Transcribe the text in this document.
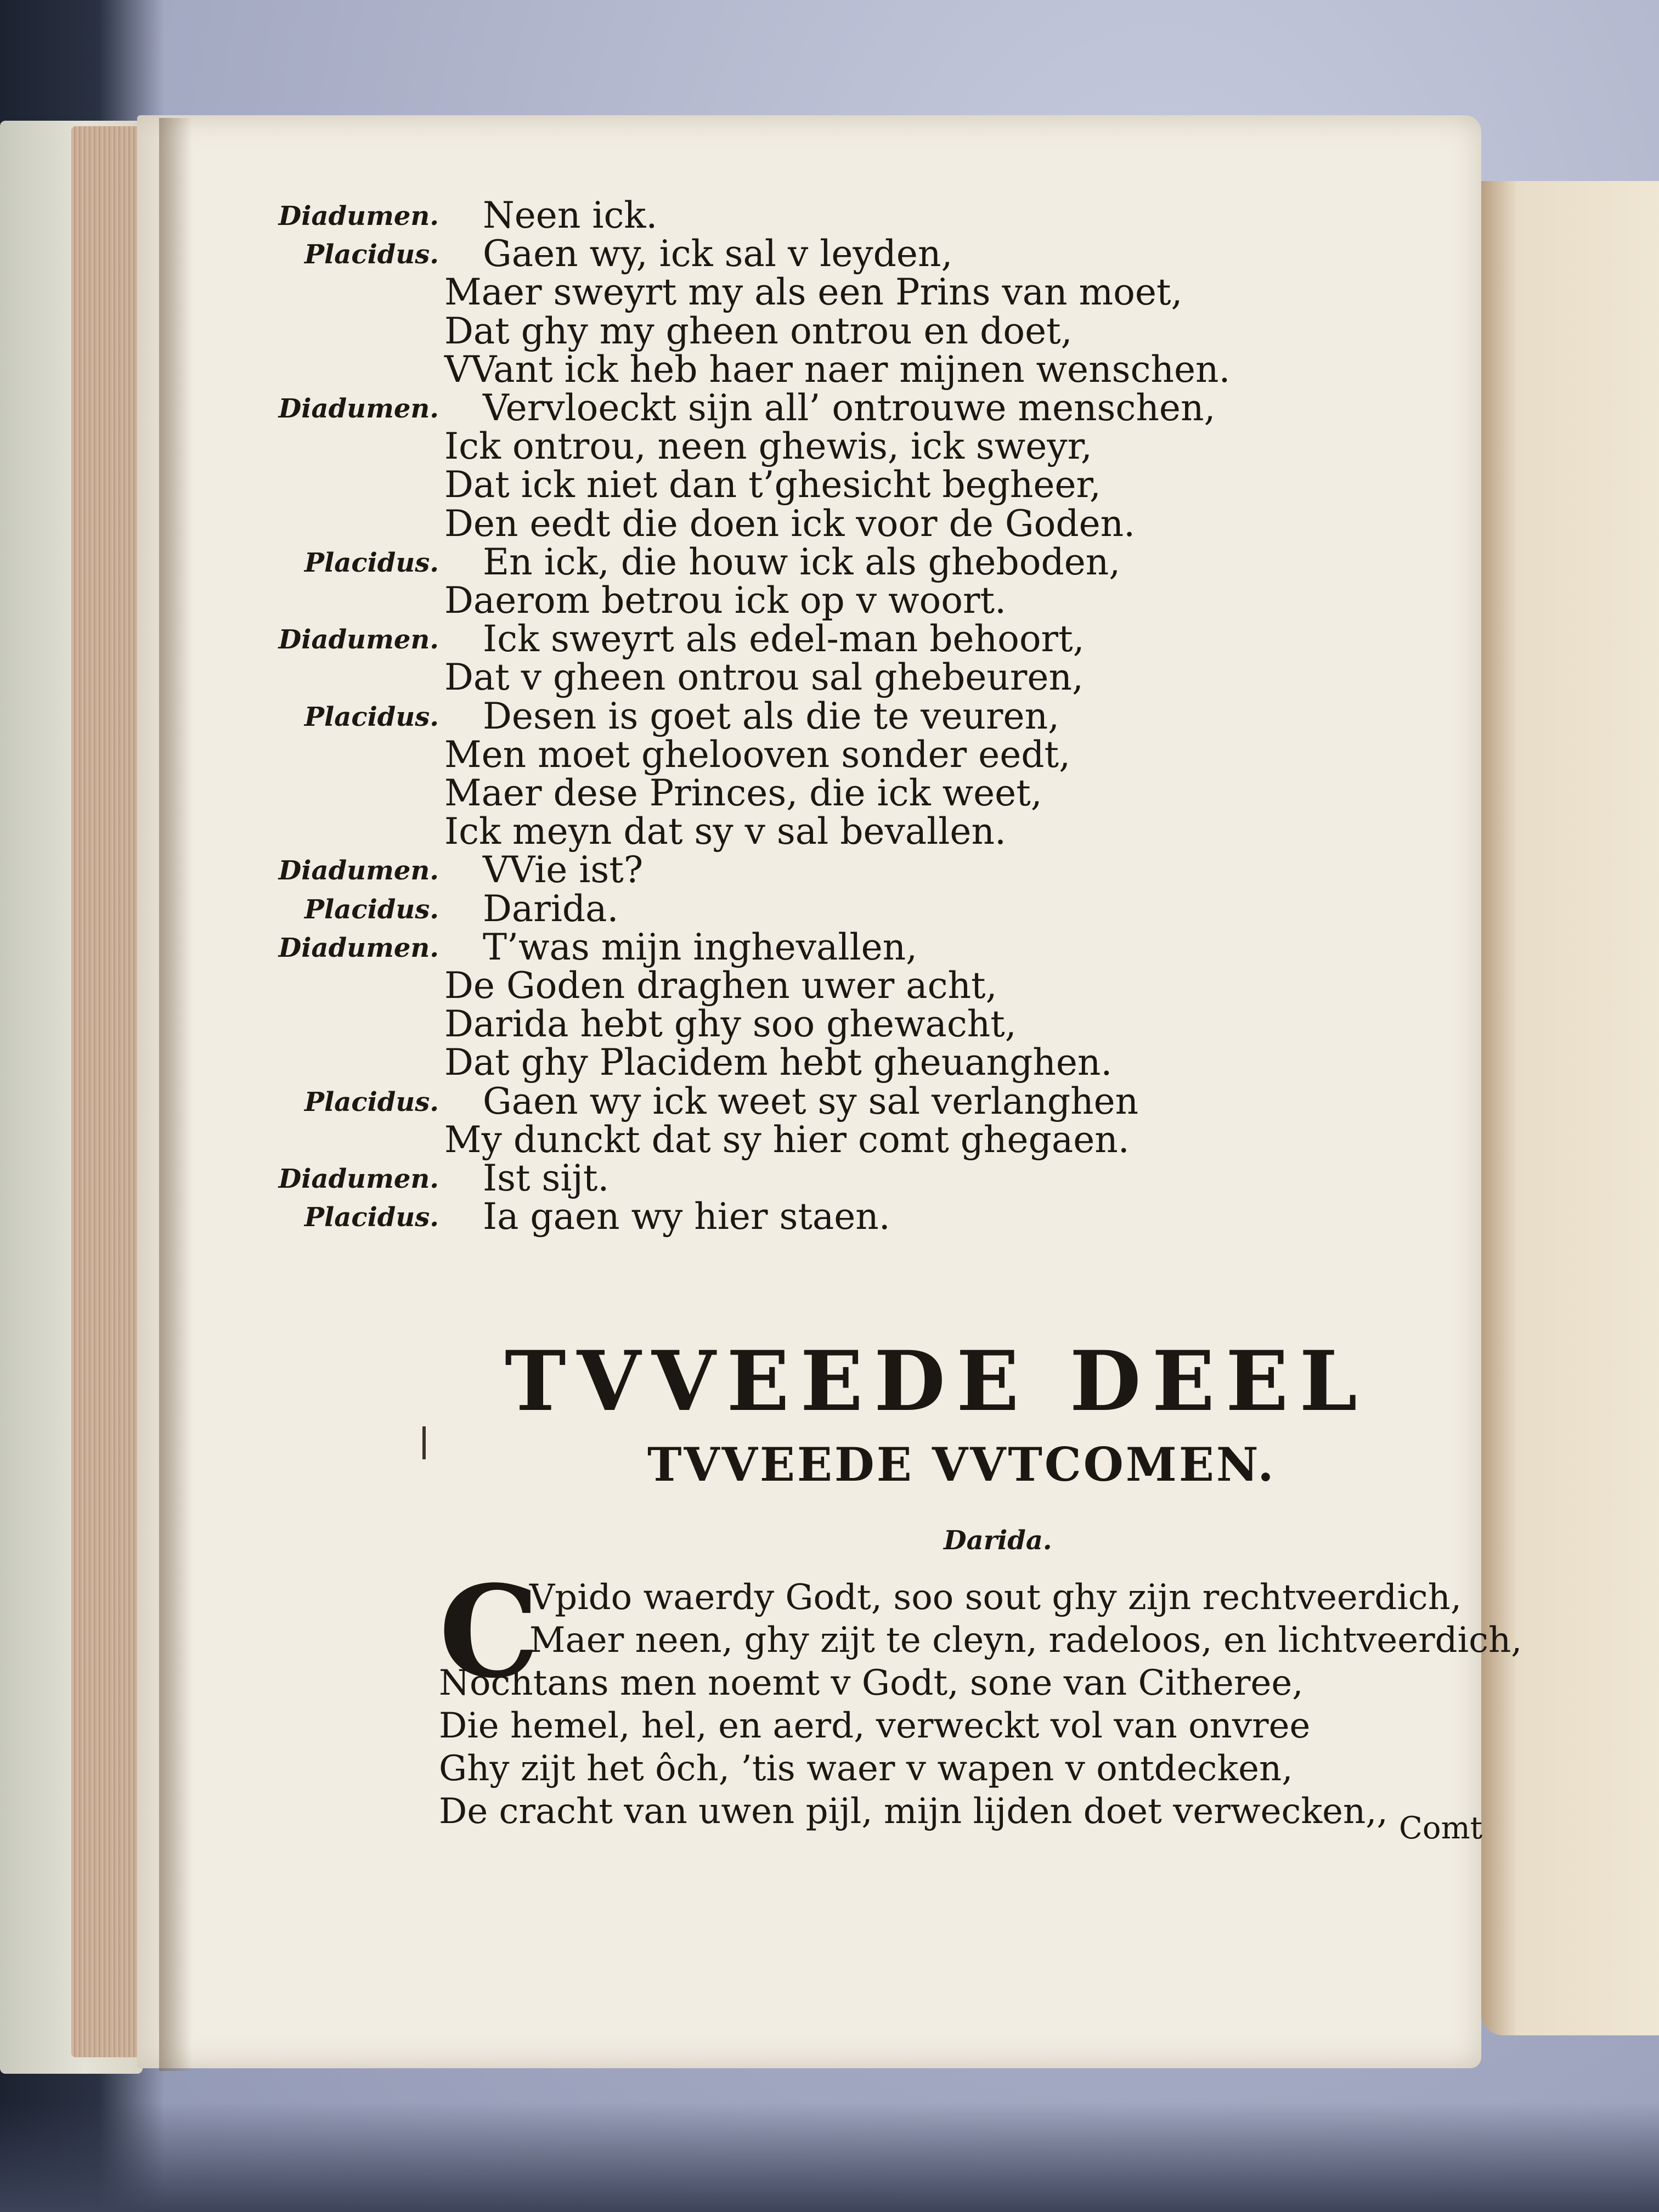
Diadumen. Neen ick.
Placidus. Gaen wy, ick sal v leyden,
Maer sweyrt my als een Prins van moet,
Dat ghy my gheen ontrou en doet,
VVant ick heb haer naer mijnen wenschen.
Diadumen. Vervloeckt sijn all’ ontrouwe menschen,
Ick ontrou, neen ghewis, ick sweyr,
Dat ick niet dan t’ghesicht begheer,
Den eedt die doen ick voor de Goden.
Placidus. En ick, die houw ick als gheboden,
Daerom betrou ick op v woort.
Diadumen. Ick sweyrt als edel-man behoort,
Dat v gheen ontrou sal ghebeuren,
Placidus. Desen is goet als die te veuren,
Men moet ghelooven sonder eedt,
Maer dese Princes, die ick weet,
Ick meyn dat sy v sal bevallen.
Diadumen. VVie ist?
Placidus. Darida.
Diadumen. T’was mijn inghevallen,
De Goden draghen uwer acht,
Darida hebt ghy soo ghewacht,
Dat ghy Placidem hebt gheuanghen.
Placidus. Gaen wy ick weet sy sal verlanghen
My dunckt dat sy hier comt ghegaen.
Diadumen. Ist sijt.
Placidus. Ia gaen wy hier staen.
TVVEEDE DEEL
TVVEEDE VVTCOMEN.
Darida.
C
Vpido waerdy Godt, soo sout ghy zijn rechtveerdich,
Maer neen, ghy zijt te cleyn, radeloos, en lichtveerdich,
Nochtans men noemt v Godt, sone van Citheree,
Die hemel, hel, en aerd, verweckt vol van onvree
Ghy zijt het ôch, ’tis waer v wapen v ontdecken,
De cracht van uwen pijl, mijn lijden doet verwecken,, Comt
